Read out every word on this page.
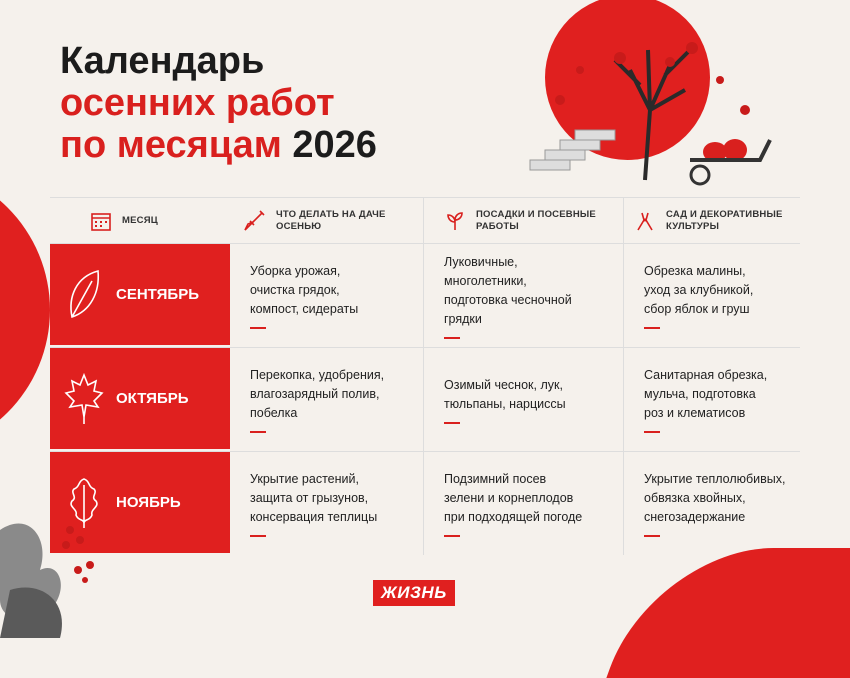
Календарь
осенних работ
по месяцам 2026
МЕСЯЦ
ЧТО ДЕЛАТЬ НА ДАЧЕ ОСЕНЬЮ
ПОСАДКИ И ПОСЕВНЫЕ РАБОТЫ
САД И ДЕКОРАТИВНЫЕ КУЛЬТУРЫ
СЕНТЯБРЬ
Уборка урожая,
очистка грядок,
компост, сидераты
Луковичные,
многолетники,
подготовка чесночной
грядки
Обрезка малины,
уход за клубникой,
сбор яблок и груш
ОКТЯБРЬ
Перекопка, удобрения,
влагозарядный полив,
побелка
Озимый чеснок, лук,
тюльпаны, нарциссы
Санитарная обрезка,
мульча, подготовка
роз и клематисов
НОЯБРЬ
Укрытие растений,
защита от грызунов,
консервация теплицы
Подзимний посев
зелени и корнеплодов
при подходящей погоде
Укрытие теплолюбивых,
обвязка хвойных,
снегозадержание
ЖИЗНЬ
